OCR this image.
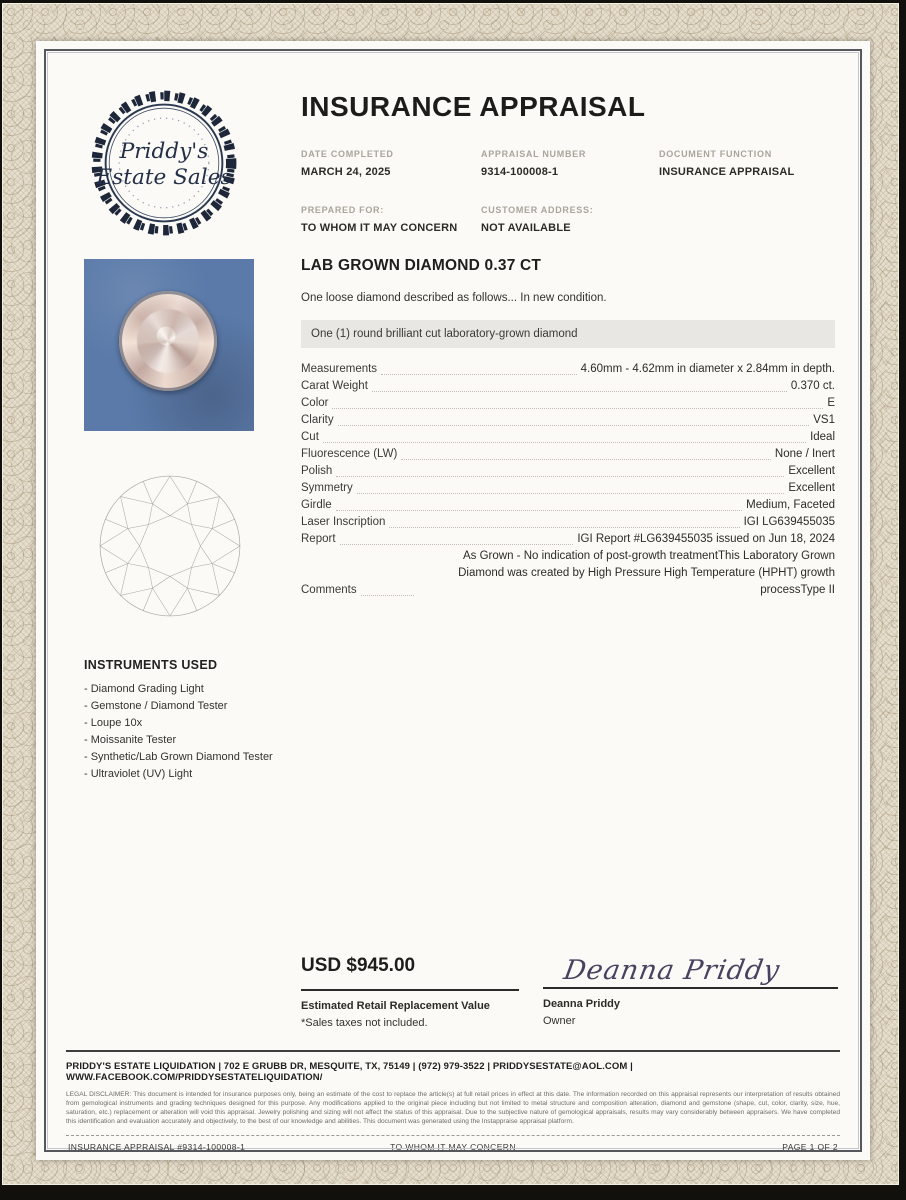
Priddy's
Estate Sales
INSURANCE APPRAISAL
DATE COMPLETED
MARCH 24, 2025
APPRAISAL NUMBER
9314-100008-1
DOCUMENT FUNCTION
INSURANCE APPRAISAL
PREPARED FOR:
TO WHOM IT MAY CONCERN
CUSTOMER ADDRESS:
NOT AVAILABLE
INSTRUMENTS USED
- Diamond Grading Light
- Gemstone / Diamond Tester
- Loupe 10x
- Moissanite Tester
- Synthetic/Lab Grown Diamond Tester
- Ultraviolet (UV) Light
LAB GROWN DIAMOND 0.37 CT
One loose diamond described as follows... In new condition.
One (1) round brilliant cut laboratory-grown diamond
Measurements	4.60mm - 4.62mm in diameter x 2.84mm in depth.
Carat Weight	0.370 ct.
Color	E
Clarity	VS1
Cut	Ideal
Fluorescence (LW)	None / Inert
Polish	Excellent
Symmetry	Excellent
Girdle	Medium, Faceted
Laser Inscription	IGI LG639455035
Report	IGI Report #LG639455035 issued on Jun 18, 2024
Comments
As Grown - No indication of post-growth treatmentThis Laboratory Grown Diamond was created by High Pressure High Temperature (HPHT) growth processType II
USD $945.00
Estimated Retail Replacement Value
*Sales taxes not included.
Deanna Priddy
Deanna Priddy
Owner
PRIDDY'S ESTATE LIQUIDATION | 702 E GRUBB DR, MESQUITE, TX, 75149 | (972) 979-3522 | PRIDDYSESTATE@AOL.COM | WWW.FACEBOOK.COM/PRIDDYSESTATELIQUIDATION/
LEGAL DISCLAIMER: This document is intended for insurance purposes only, being an estimate of the cost to replace the article(s) at full retail prices in effect at this date. The information recorded on this appraisal represents our interpretation of results obtained from gemological instruments and grading techniques designed for this purpose. Any modifications applied to the original piece including but not limited to metal structure and composition alteration, diamond and gemstone (shape, cut, color, clarity, size, hue, saturation, etc.) replacement or alteration will void this appraisal. Jewelry polishing and sizing will not affect the status of this appraisal. Due to the subjective nature of gemological appraisals, results may vary considerably between appraisers. We have completed this identification and evaluation accurately and objectively, to the best of our knowledge and abilities. This document was generated using the Instappraise appraisal platform.
INSURANCE APPRAISAL #9314-100008-1	TO WHOM IT MAY CONCERN	PAGE 1 OF 2
